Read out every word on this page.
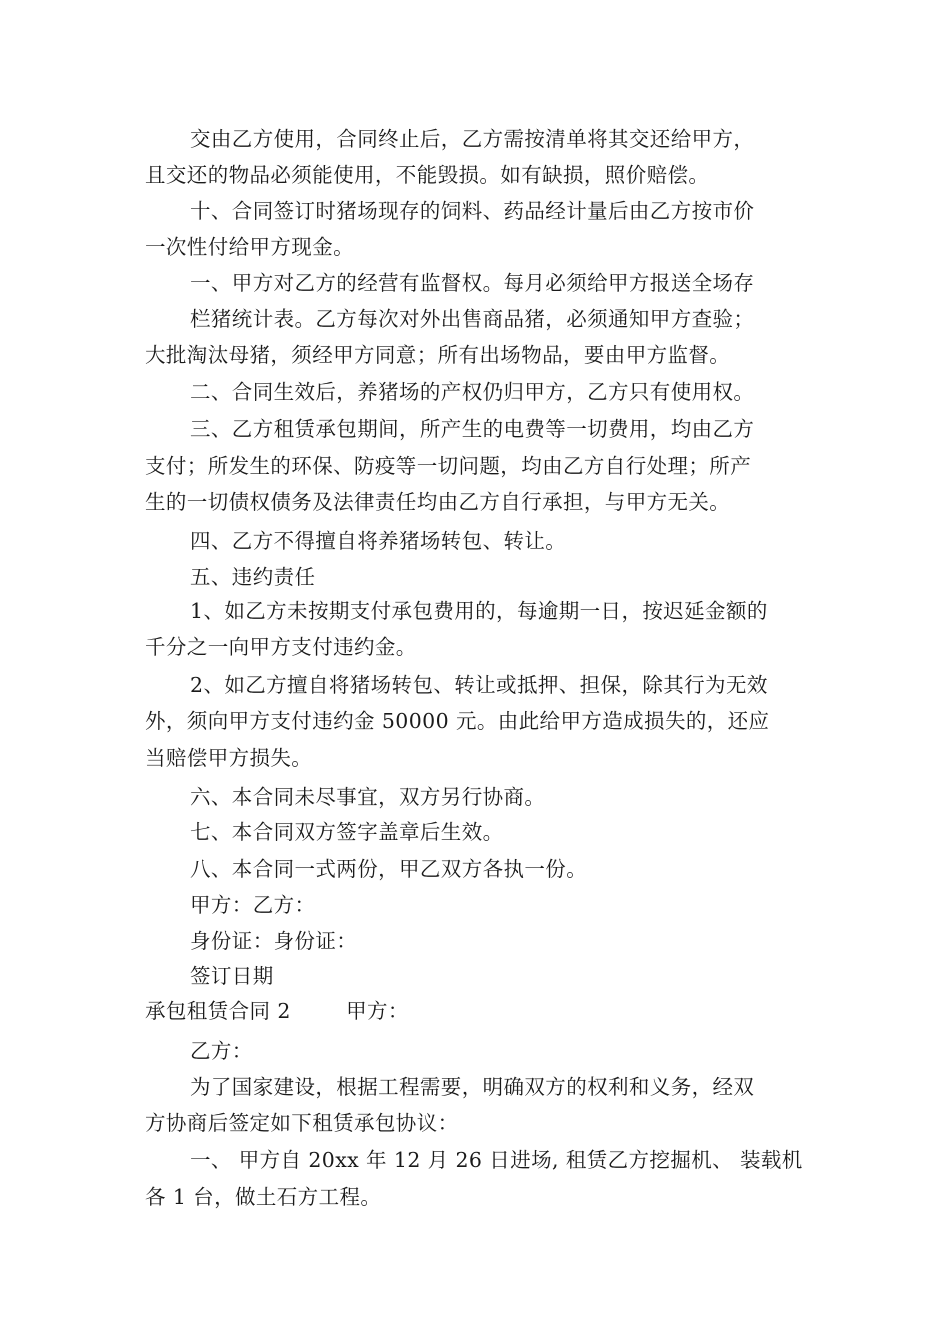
交由乙方使用，合同终止后，乙方需按清单将其交还给甲方，
且交还的物品必须能使用，不能毁损。如有缺损，照价赔偿。
十、合同签订时猪场现存的饲料、药品经计量后由乙方按市价
一次性付给甲方现金。
一、甲方对乙方的经营有监督权。每月必须给甲方报送全场存
栏猪统计表。乙方每次对外出售商品猪，必须通知甲方查验；
大批淘汰母猪，须经甲方同意；所有出场物品，要由甲方监督。
二、合同生效后，养猪场的产权仍归甲方，乙方只有使用权。
三、乙方租赁承包期间，所产生的电费等一切费用，均由乙方
支付；所发生的环保、防疫等一切问题，均由乙方自行处理；所产
生的一切债权债务及法律责任均由乙方自行承担，与甲方无关。
四、乙方不得擅自将养猪场转包、转让。
五、违约责任
1、如乙方未按期支付承包费用的，每逾期一日，按迟延金额的
千分之一向甲方支付违约金。
2、如乙方擅自将猪场转包、转让或抵押、担保，除其行为无效
外，须向甲方支付违约金 50000 元。由此给甲方造成损失的，还应
当赔偿甲方损失。
六、本合同未尽事宜，双方另行协商。
七、本合同双方签字盖章后生效。
八、本合同一式两份，甲乙双方各执一份。
甲方：乙方：
身份证：身份证：
签订日期
承包租赁合同 2        甲方：
乙方：
为了国家建设，根据工程需要，明确双方的权利和义务，经双
方协商后签定如下租赁承包协议：
一、 甲方自 20xx 年 12 月 26 日进场, 租赁乙方挖掘机、 装载机
各 1 台，做土石方工程。
